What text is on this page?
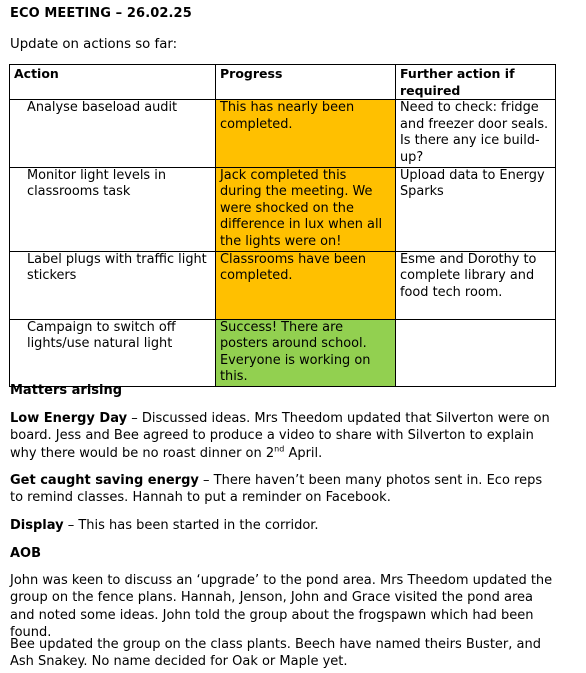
ECO MEETING – 26.02.25
Update on actions so far:
Action	Progress	Further action if required
Analyse baseload audit	This has nearly been completed.	Need to check: fridge and freezer door seals. Is there any ice build-up?
Monitor light levels in classrooms task	Jack completed this during the meeting. We were shocked on the difference in lux when all the lights were on!	Upload data to Energy Sparks
Label plugs with traffic light stickers	Classrooms have been completed.	Esme and Dorothy to complete library and food tech room.
Campaign to switch off lights/use natural light	Success! There are posters around school. Everyone is working on this.	
Matters arising
Low Energy Day – Discussed ideas. Mrs Theedom updated that Silverton were on board. Jess and Bee agreed to produce a video to share with Silverton to explain why there would be no roast dinner on 2nd April.
Get caught saving energy – There haven’t been many photos sent in. Eco reps to remind classes. Hannah to put a reminder on Facebook.
Display – This has been started in the corridor.
AOB
John was keen to discuss an ‘upgrade’ to the pond area. Mrs Theedom updated the group on the fence plans. Hannah, Jenson, John and Grace visited the pond area and noted some ideas. John told the group about the frogspawn which had been found.
Bee updated the group on the class plants. Beech have named theirs Buster, and Ash Snakey. No name decided for Oak or Maple yet.
